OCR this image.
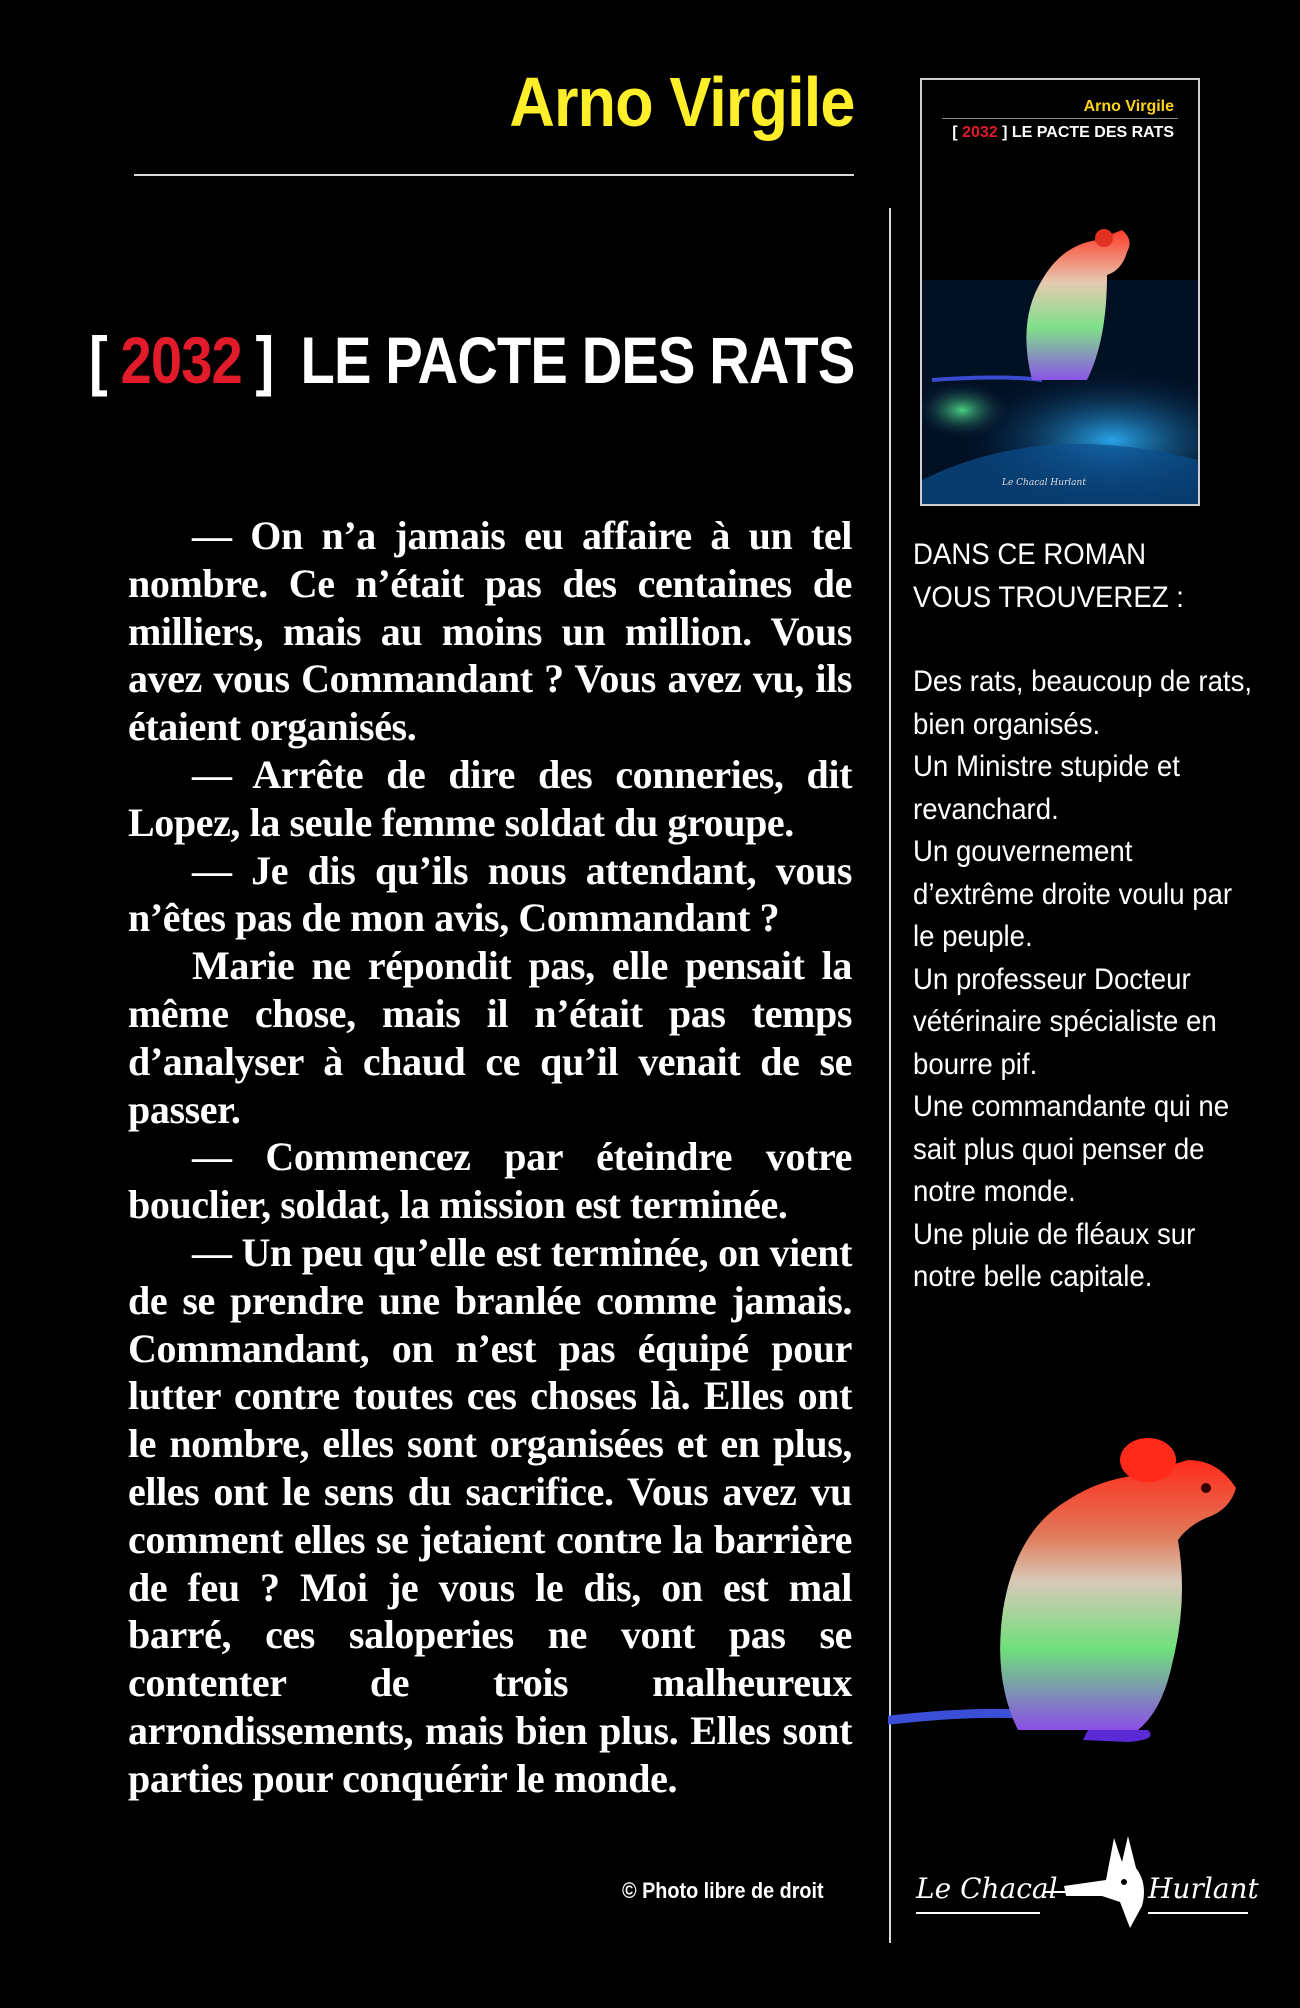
Arno Virgile
[ 2032 ] LE PACTE DES RATS

— On n’a jamais eu affaire à un tel nombre. Ce n’était pas des centaines de milliers, mais au moins un million. Vous avez vous Commandant ? Vous avez vu, ils étaient organisés.

— Arrête de dire des conneries, dit Lopez, la seule femme soldat du groupe.

— Je dis qu’ils nous attendant, vous n’êtes pas de mon avis, Commandant ?

Marie ne répondit pas, elle pensait la même chose, mais il n’était pas temps d’analyser à chaud ce qu’il venait de se passer.

— Commencez par éteindre votre bouclier, soldat, la mission est terminée.

— Un peu qu’elle est terminée, on vient de se prendre une branlée comme jamais. Commandant, on n’est pas équipé pour lutter contre toutes ces choses là. Elles ont le nombre, elles sont organisées et en plus, elles ont le sens du sacrifice. Vous avez vu comment elles se jetaient contre la barrière de feu ? Moi je vous le dis, on est mal barré, ces saloperies ne vont pas se contenter de trois malheureux arrondissements, mais bien plus. Elles sont parties pour conquérir le monde.

© Photo libre de droit
Arno Virgile
[ 2032 ] LE PACTE DES RATS
Le Chacal Hurlant
DANS CE ROMAN
VOUS TROUVEREZ :
Des rats, beaucoup de rats, bien organisés.
Un Ministre stupide et revanchard.
Un gouvernement d’extrême droite voulu par le peuple.
Un professeur Docteur vétérinaire spécialiste en bourre pif.
Une commandante qui ne sait plus quoi penser de notre monde.
Une pluie de fléaux sur notre belle capitale.
Le Chacal	Hurlant
